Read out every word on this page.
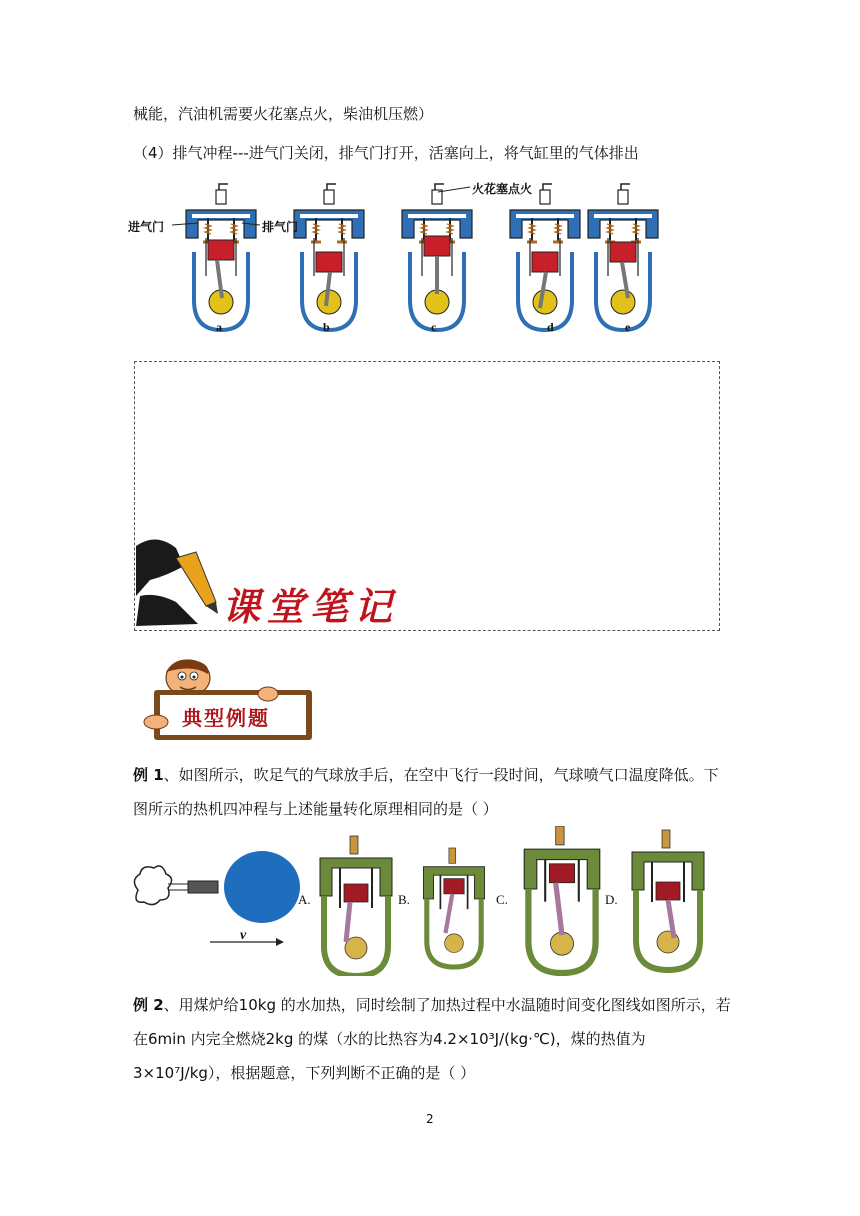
械能，汽油机需要火花塞点火，柴油机压燃）
（4）排气冲程---进气门关闭，排气门打开，活塞向上，将气缸里的气体排出
进气门	排气门
火花塞点火
a	b	c	d	e
课堂笔记
典型例题
例 1、如图所示，吹足气的气球放手后，在空中飞行一段时间，气球喷气口温度降低。下图所示的热机四冲程与上述能量转化原理相同的是（ ）
v
A.	B.	C.	D.
例 2、用煤炉给10kg 的水加热，同时绘制了加热过程中水温随时间变化图线如图所示，若在6min 内完全燃烧2kg 的煤（水的比热容为4.2×10³J/(kg·℃)，煤的热值为3×10⁷J/kg），根据题意，下列判断不正确的是（ ）
2
